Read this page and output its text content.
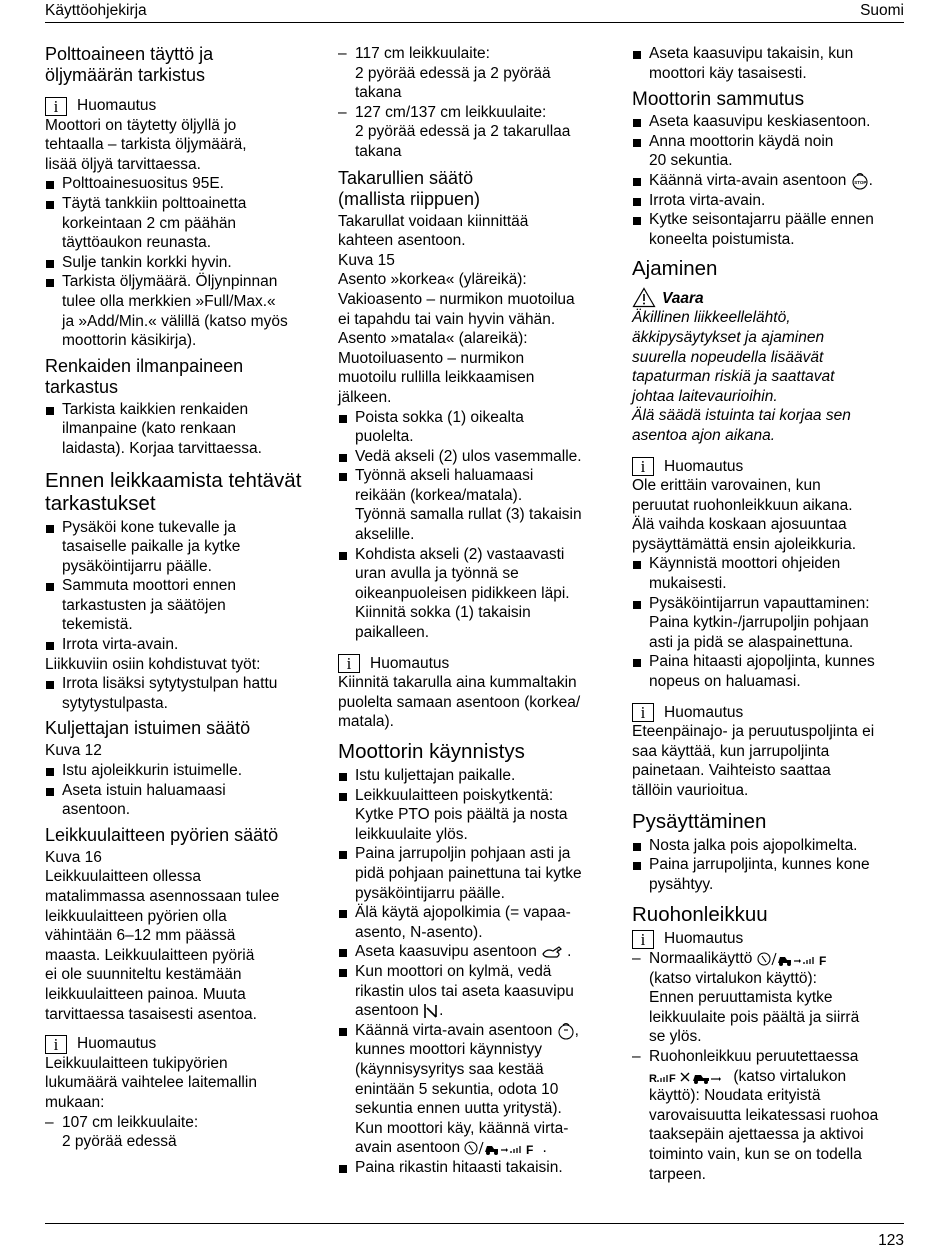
Käyttöohjekirja	Suomi
Polttoaineen täyttö ja
öljymäärän tarkistus
i	Huomautus

Moottori on täytetty öljyllä jo
tehtaalla – tarkista öljymäärä,
lisää öljyä tarvittaessa.

Polttoainesuositus 95E.
Täytä tankkiin polttoainetta
korkeintaan 2 cm päähän
täyttöaukon reunasta.
Sulje tankin korkki hyvin.
Tarkista öljymäärä. Öljynpinnan
tulee olla merkkien »Full/Max.«
ja »Add/Min.« välillä (katso myös
moottorin käsikirja).
Renkaiden ilmanpaineen
tarkastus
Tarkista kaikkien renkaiden
ilmanpaine (kato renkaan
laidasta). Korjaa tarvittaessa.
Ennen leikkaamista tehtävät
tarkastukset
Pysäköi kone tukevalle ja
tasaiselle paikalle ja kytke
pysäköintijarru päälle.
Sammuta moottori ennen
tarkastusten ja säätöjen
tekemistä.
Irrota virta-avain.

Liikkuviin osiin kohdistuvat työt:

Irrota lisäksi sytytystulpan hattu
sytytystulpasta.
Kuljettajan istuimen säätö

Kuva 12

Istu ajoleikkurin istuimelle.
Aseta istuin haluamaasi
asentoon.
Leikkuulaitteen pyörien säätö

Kuva 16

Leikkuulaitteen ollessa
matalimmassa asennossaan tulee
leikkuulaitteen pyörien olla
vähintään 6–12 mm päässä
maasta. Leikkuulaitteen pyöriä
ei ole suunniteltu kestämään
leikkuulaitteen painoa. Muuta
tarvittaessa tasaisesti asentoa.

i	Huomautus

Leikkuulaitteen tukipyörien
lukumäärä vaihtelee laitemallin
mukaan:

– 107 cm leikkuulaite:
2 pyörää edessä
– 117 cm leikkuulaite:
2 pyörää edessä ja 2 pyörää
takana
– 127 cm/137 cm leikkuulaite:
2 pyörää edessä ja 2 takarullaa
takana
Takarullien säätö
(mallista riippuen)

Takarullat voidaan kiinnittää
kahteen asentoon.
Kuva 15
Asento »korkea« (yläreikä):
Vakioasento – nurmikon muotoilua
ei tapahdu tai vain hyvin vähän.
Asento »matala« (alareikä):
Muotoiluasento – nurmikon
muotoilu rullilla leikkaamisen
jälkeen.

Poista sokka (1) oikealta
puolelta.
Vedä akseli (2) ulos vasemmalle.
Työnnä akseli haluamaasi
reikään (korkea/matala).
Työnnä samalla rullat (3) takaisin
akselille.
Kohdista akseli (2) vastaavasti
uran avulla ja työnnä se
oikeanpuoleisen pidikkeen läpi.
Kiinnitä sokka (1) takaisin
paikalleen.
i	Huomautus

Kiinnitä takarulla aina kummaltakin
puolelta samaan asentoon (korkea/
matala).

Moottorin käynnistys
Istu kuljettajan paikalle.
Leikkuulaitteen poiskytkentä:
Kytke PTO pois päältä ja nosta
leikkuulaite ylös.
Paina jarrupoljin pohjaan asti ja
pidä pohjaan painettuna tai kytke
pysäköintijarru päälle.
Älä käytä ajopolkimia (= vapaa-
asento, N-asento).
Aseta kaasuvipu asentoon .
Kun moottori on kylmä, vedä
rikastin ulos tai aseta kaasuvipu
asentoon .
Käännä virta-avain asentoon ,
kunnes moottori käynnistyy
(käynnisysyritys saa kestää
enintään 5 sekuntia, odota 10
sekuntia ennen uutta yritystä).
Kun moottori käy, käännä virta-
avain asentoon	F .
Paina rikastin hitaasti takaisin.
Aseta kaasuvipu takaisin, kun
moottori käy tasaisesti.
Moottorin sammutus
Aseta kaasuvipu keskiasentoon.
Anna moottorin käydä noin
20 sekuntia.
Käännä virta-avain asentoon STOP .
Irrota virta-avain.
Kytke seisontajarru päälle ennen
koneelta poistumista.
Ajaminen
Vaara

Äkillinen liikkeellelähtö,
äkkipysäytykset ja ajaminen
suurella nopeudella lisäävät
tapaturman riskiä ja saattavat
johtaa laitevaurioihin.
Älä säädä istuinta tai korjaa sen
asentoa ajon aikana.

i	Huomautus

Ole erittäin varovainen, kun
peruutat ruohonleikkuun aikana.
Älä vaihda koskaan ajosuuntaa
pysäyttämättä ensin ajoleikkuria.

Käynnistä moottori ohjeiden
mukaisesti.
Pysäköintijarrun vapauttaminen:
Paina kytkin-/jarrupoljin pohjaan
asti ja pidä se alaspainettuna.
Paina hitaasti ajopoljinta, kunnes
nopeus on haluamasi.
i	Huomautus

Eteenpäinajo- ja peruutuspoljinta ei
saa käyttää, kun jarrupoljinta
painetaan. Vaihteisto saattaa
tällöin vaurioitua.

Pysäyttäminen
Nosta jalka pois ajopolkimelta.
Paina jarrupoljinta, kunnes kone
pysähtyy.
Ruohonleikkuu
i	Huomautus
– Normaalikäyttö	F

(katso virtalukon käyttö):
Ennen peruuttamista kytke
leikkuulaite pois päältä ja siirrä
se ylös.
– Ruohonleikkuu peruutettaessa

R F	(katso virtalukon
käyttö): Noudata erityistä
varovaisuutta leikatessasi ruohoa
taaksepäin ajettaessa ja aktivoi
toiminto vain, kun se on todella
tarpeen.
123
